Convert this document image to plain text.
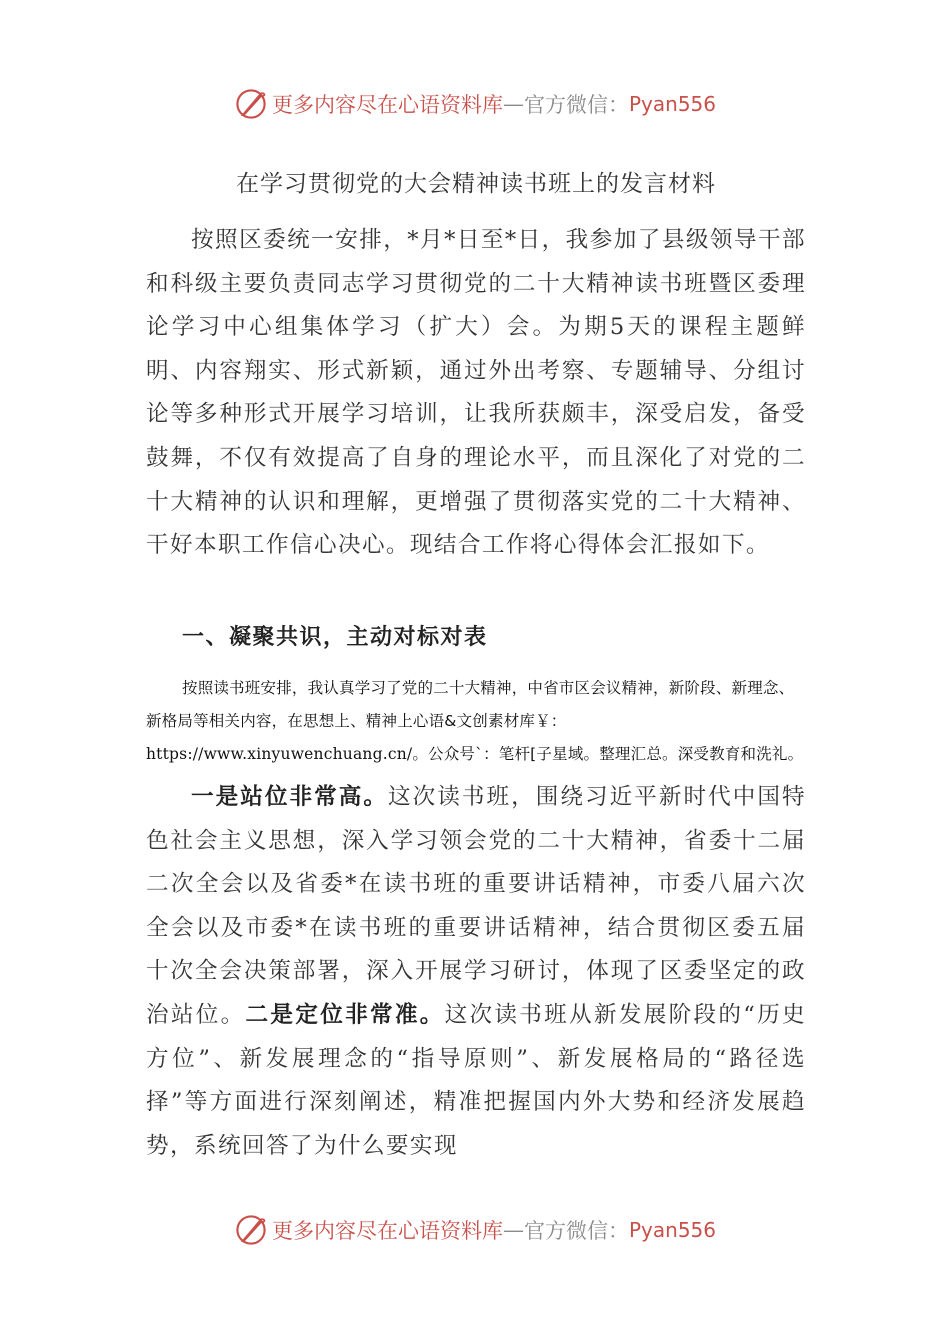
更多内容尽在心语资料库 — 官方微信： Pyan556
在学习贯彻党的大会精神读书班上的发言材料
按照区委统一安排，*月*日至*日，我参加了县级领导干部和科级主要负责同志学习贯彻党的二十大精神读书班暨区委理论学习中心组集体学习（扩大）会。为期5天的课程主题鲜明、内容翔实、形式新颖，通过外出考察、专题辅导、分组讨论等多种形式开展学习培训，让我所获颇丰，深受启发，备受鼓舞，不仅有效提高了自身的理论水平，而且深化了对党的二十大精神的认识和理解，更增强了贯彻落实党的二十大精神、干好本职工作信心决心。现结合工作将心得体会汇报如下。
一、凝聚共识，主动对标对表
按照读书班安排，我认真学习了党的二十大精神，中省市区会议精神，新阶段、新理念、新格局等相关内容，在思想上、精神上心语&文创素材库￥：https://www.xinyuwenchuang.cn/。公众号`：笔杆[子星域。整理汇总。深受教育和洗礼。
一是站位非常高。这次读书班，围绕习近平新时代中国特色社会主义思想，深入学习领会党的二十大精神，省委十二届二次全会以及省委*在读书班的重要讲话精神，市委八届六次全会以及市委*在读书班的重要讲话精神，结合贯彻区委五届十次全会决策部署，深入开展学习研讨，体现了区委坚定的政治站位。二是定位非常准。这次读书班从新发展阶段的“历史方位”、新发展理念的“指导原则”、新发展格局的“路径选择”等方面进行深刻阐述，精准把握国内外大势和经济发展趋势，系统回答了为什么要实现
更多内容尽在心语资料库 — 官方微信： Pyan556
